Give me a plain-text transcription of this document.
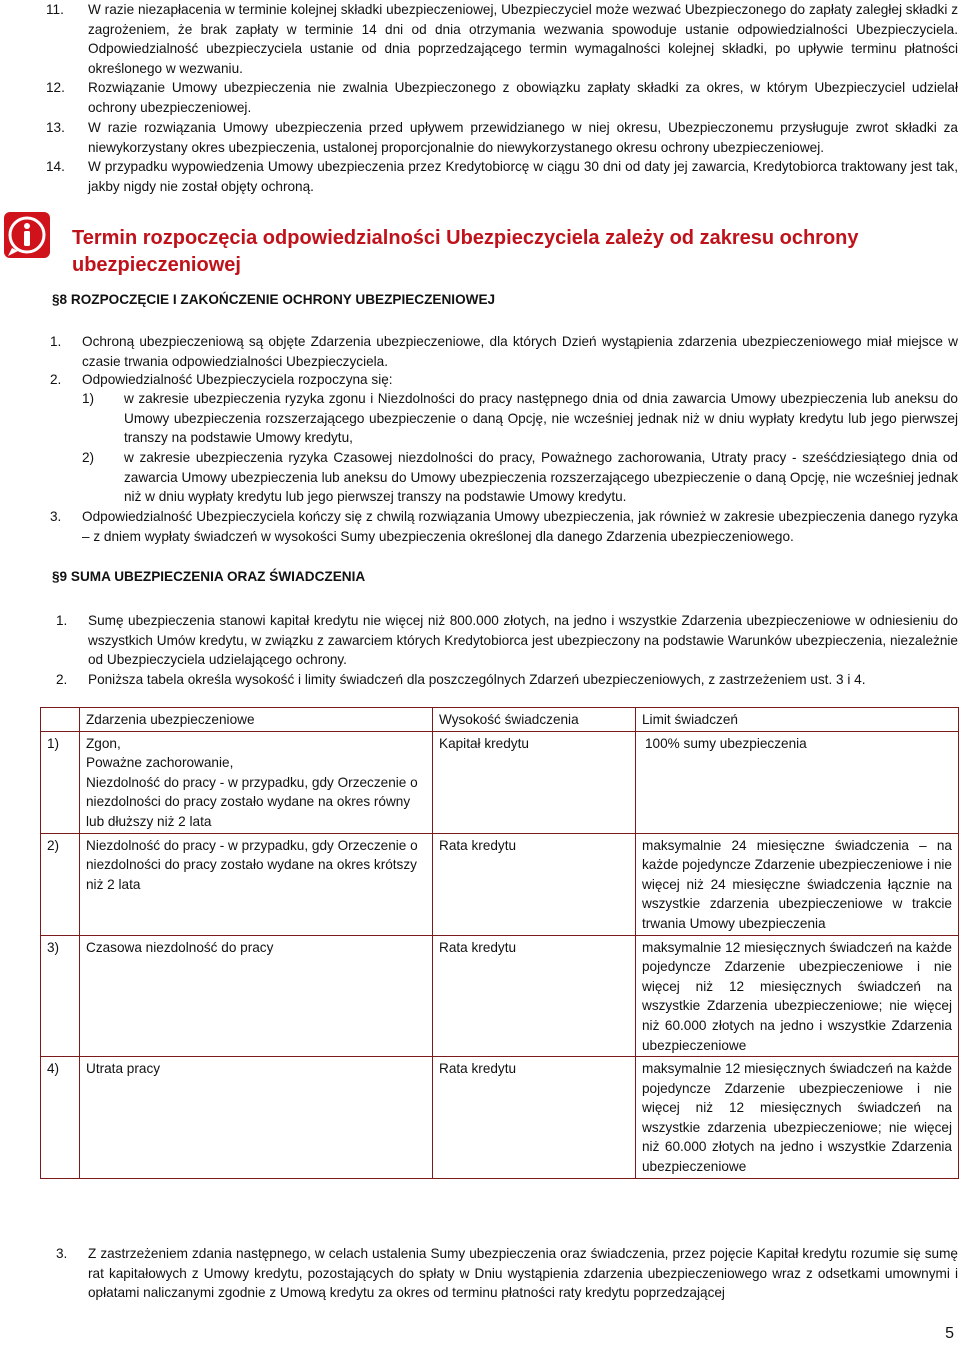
11. W razie niezapłacenia w terminie kolejnej składki ubezpieczeniowej, Ubezpieczyciel może wezwać Ubezpieczonego do zapłaty zaległej składki z zagrożeniem, że brak zapłaty w terminie 14 dni od dnia otrzymania wezwania spowoduje ustanie odpowiedzialności Ubezpieczyciela. Odpowiedzialność ubezpieczyciela ustanie od dnia poprzedzającego termin wymagalności kolejnej składki, po upływie terminu płatności określonego w wezwaniu.
12. Rozwiązanie Umowy ubezpieczenia nie zwalnia Ubezpieczonego z obowiązku zapłaty składki za okres, w którym Ubezpieczyciel udzielał ochrony ubezpieczeniowej.
13. W razie rozwiązania Umowy ubezpieczenia przed upływem przewidzianego w niej okresu, Ubezpieczonemu przysługuje zwrot składki za niewykorzystany okres ubezpieczenia, ustalonej proporcjonalnie do niewykorzystanego okresu ochrony ubezpieczeniowej.
14. W przypadku wypowiedzenia Umowy ubezpieczenia przez Kredytobiorcę w ciągu 30 dni od daty jej zawarcia, Kredytobiorca traktowany jest tak, jakby nigdy nie został objęty ochroną.
Termin rozpoczęcia odpowiedzialności Ubezpieczyciela zależy od zakresu ochrony ubezpieczeniowej

§8 ROZPOCZĘCIE I ZAKOŃCZENIE OCHRONY UBEZPIECZENIOWEJ

1. Ochroną ubezpieczeniową są objęte Zdarzenia ubezpieczeniowe, dla których Dzień wystąpienia zdarzenia ubezpieczeniowego miał miejsce w czasie trwania odpowiedzialności Ubezpieczyciela.
2. Odpowiedzialność Ubezpieczyciela rozpoczyna się:
1) w zakresie ubezpieczenia ryzyka zgonu i Niezdolności do pracy następnego dnia od dnia zawarcia Umowy ubezpieczenia lub aneksu do Umowy ubezpieczenia rozszerzającego ubezpieczenie o daną Opcję, nie wcześniej jednak niż w dniu wypłaty kredytu lub jego pierwszej transzy na podstawie Umowy kredytu,
2) w zakresie ubezpieczenia ryzyka Czasowej niezdolności do pracy, Poważnego zachorowania, Utraty pracy - sześćdziesiątego dnia od zawarcia Umowy ubezpieczenia lub aneksu do Umowy ubezpieczenia rozszerzającego ubezpieczenie o daną Opcję, nie wcześniej jednak niż w dniu wypłaty kredytu lub jego pierwszej transzy na podstawie Umowy kredytu.
3. Odpowiedzialność Ubezpieczyciela kończy się z chwilą rozwiązania Umowy ubezpieczenia, jak również w zakresie ubezpieczenia danego ryzyka – z dniem wypłaty świadczeń w wysokości Sumy ubezpieczenia określonej dla danego Zdarzenia ubezpieczeniowego.

§9 SUMA UBEZPIECZENIA ORAZ ŚWIADCZENIA

1. Sumę ubezpieczenia stanowi kapitał kredytu nie więcej niż 800.000 złotych, na jedno i wszystkie Zdarzenia ubezpieczeniowe w odniesieniu do wszystkich Umów kredytu, w związku z zawarciem których Kredytobiorca jest ubezpieczony na podstawie Warunków ubezpieczenia, niezależnie od Ubezpieczyciela udzielającego ochrony.
2. Poniższa tabela określa wysokość i limity świadczeń dla poszczególnych Zdarzeń ubezpieczeniowych, z zastrzeżeniem ust. 3 i 4.
	Zdarzenia ubezpieczeniowe	Wysokość świadczenia	Limit świadczeń
1)	Zgon,
Poważne zachorowanie,
Niezdolność do pracy - w przypadku, gdy Orzeczenie o niezdolności do pracy zostało wydane na okres równy lub dłuższy niż 2 lata	Kapitał kredytu	100% sumy ubezpieczenia
2)	Niezdolność do pracy - w przypadku, gdy Orzeczenie o niezdolności do pracy zostało wydane na okres krótszy niż 2 lata	Rata kredytu	maksymalnie 24 miesięczne świadczenia – na każde pojedyncze Zdarzenie ubezpieczeniowe i nie więcej niż 24 miesięczne świadczenia łącznie na wszystkie zdarzenia ubezpieczeniowe w trakcie trwania Umowy ubezpieczenia
3)	Czasowa niezdolność do pracy	Rata kredytu	maksymalnie 12 miesięcznych świadczeń na każde pojedyncze Zdarzenie ubezpieczeniowe i nie więcej niż 12 miesięcznych świadczeń na wszystkie Zdarzenia ubezpieczeniowe; nie więcej niż 60.000 złotych na jedno i wszystkie Zdarzenia ubezpieczeniowe
4)	Utrata pracy	Rata kredytu	maksymalnie 12 miesięcznych świadczeń na każde pojedyncze Zdarzenie ubezpieczeniowe i nie więcej niż 12 miesięcznych świadczeń na wszystkie zdarzenia ubezpieczeniowe; nie więcej niż 60.000 złotych na jedno i wszystkie Zdarzenia ubezpieczeniowe
3. Z zastrzeżeniem zdania następnego, w celach ustalenia Sumy ubezpieczenia oraz świadczenia, przez pojęcie Kapitał kredytu rozumie się sumę rat kapitałowych z Umowy kredytu, pozostających do spłaty w Dniu wystąpienia zdarzenia ubezpieczeniowego wraz z odsetkami umownymi i opłatami naliczanymi zgodnie z Umową kredytu za okres od terminu płatności raty kredytu poprzedzającej
5
